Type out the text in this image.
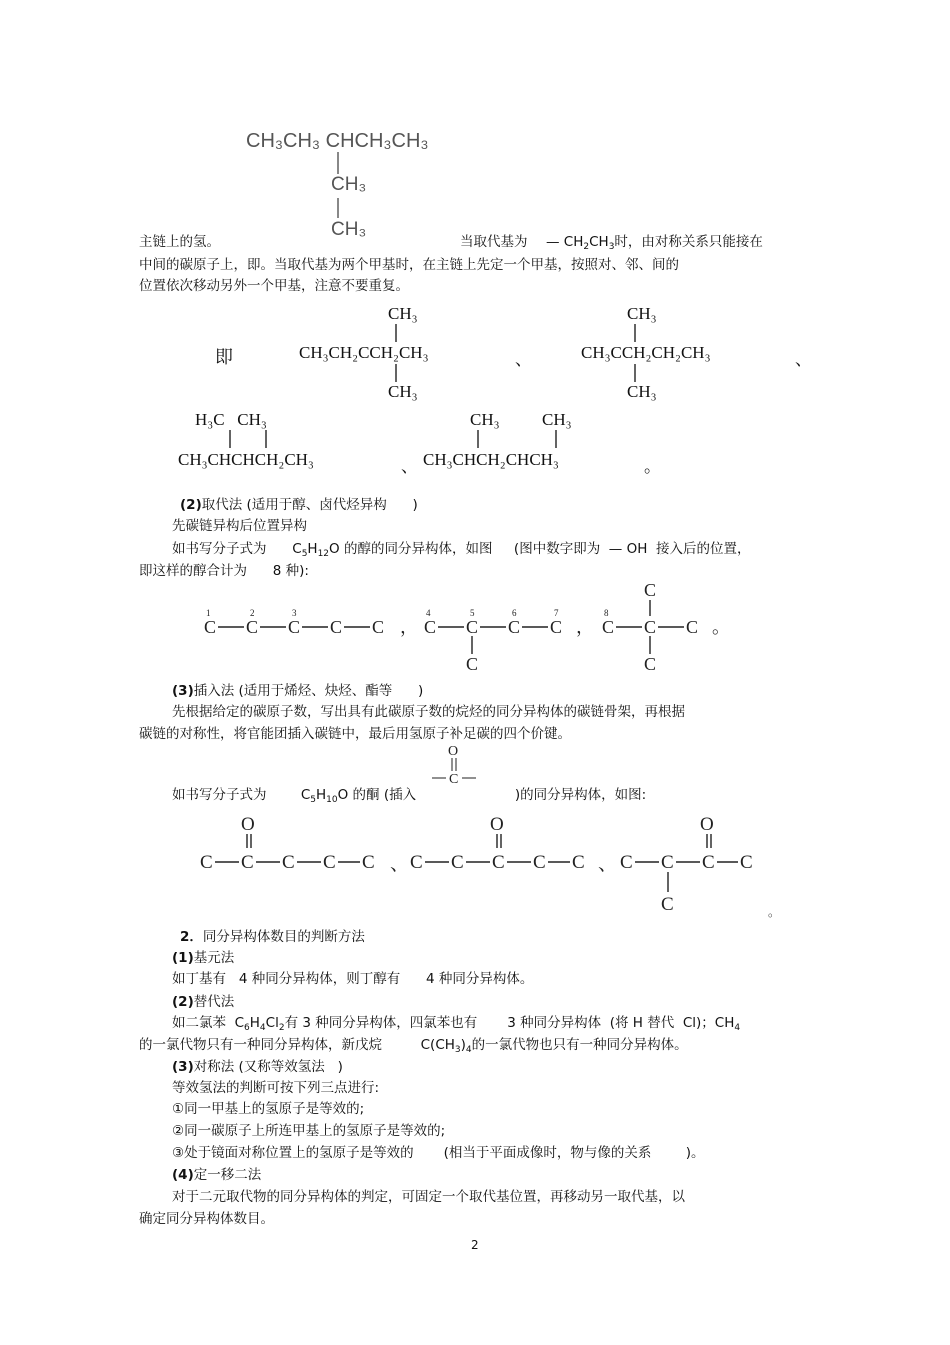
CH₃CH₃ CHCH₃CH₃
CH₃
CH₃
主链上的氢。	当取代基为 — $CH_2CH_3$时，由对称关系只能接在
中间的碳原子上，即。当取代基为两个甲基时，在主链上先定一个甲基，按照对、邻、间的
位置依次移动另外一个甲基，注意不要重复。
即
CH₃
CH₃CH₂CCH₂CH₃
CH₃
、
CH₃
CH₃CCH₂CH₂CH₃
CH₃
、
H₃C   CH₃
CH₃CHCHCH₂CH₃	、
CH₃          CH₃
CH₃CHCH₂CHCH₃	。
(2)取代法 (适用于醇、卤代烃异构 )
先碳链异构后位置异构
如书写分子式为 $C_5H_{12}O$ 的醇的同分异构体，如图 (图中数字即为 — OH  接入后的位置，
即这样的醇合计为 8 种):
C C C C C ， C C C C
C
， C C C
C
C
。
1	2	3	4	5	6	7	8
(3)插入法 (适用于烯烃、炔烃、酯等 )
先根据给定的碳原子数，写出具有此碳原子数的烷烃的同分异构体的碳链骨架，再根据
碳链的对称性，将官能团插入碳链中，最后用氢原子补足碳的四个价键。
O
C
如书写分子式为	$C_5H_{10}O$ 的酮 (插入	)的同分异构体，如图:
C C C C C
O
、 C C C C C
O
、 C C C C
C
O
。
2．同分异构体数目的判断方法
(1)基元法
如丁基有   4 种同分异构体，则丁醇有      4 种同分异构体。
(2)替代法
如二氯苯  $C_6H_4Cl_2$有 3 种同分异构体，四氯苯也有       3 种同分异构体  (将 H 替代  Cl)；$CH_4$
的一氯代物只有一种同分异构体，新戊烷         $C(CH_3)_4$的一氯代物也只有一种同分异构体。
(3)对称法 (又称等效氢法 )
等效氢法的判断可按下列三点进行:
①同一甲基上的氢原子是等效的;
②同一碳原子上所连甲基上的氢原子是等效的;
③处于镜面对称位置上的氢原子是等效的 (相当于平面成像时，物与像的关系	)。
(4)定一移二法
对于二元取代物的同分异构体的判定，可固定一个取代基位置，再移动另一取代基，以
确定同分异构体数目。
2
